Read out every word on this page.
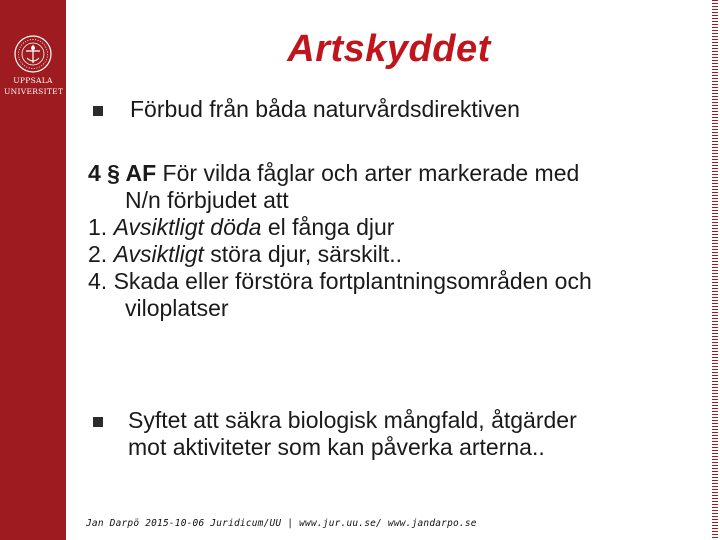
UPPSALA
UNIVERSITET
Artskyddet
Förbud från båda naturvårdsdirektiven
4 § AF För vilda fåglar och arter markerade med
N/n förbjudet att
1. Avsiktligt döda el fånga djur
2. Avsiktligt störa djur, särskilt..
4. Skada eller förstöra fortplantningsområden och
viloplatser
Syftet att säkra biologisk mångfald, åtgärder
mot aktiviteter som kan påverka arterna..
Jan Darpö 2015-10-06 Juridicum/UU | www.jur.uu.se/ www.jandarpo.se
